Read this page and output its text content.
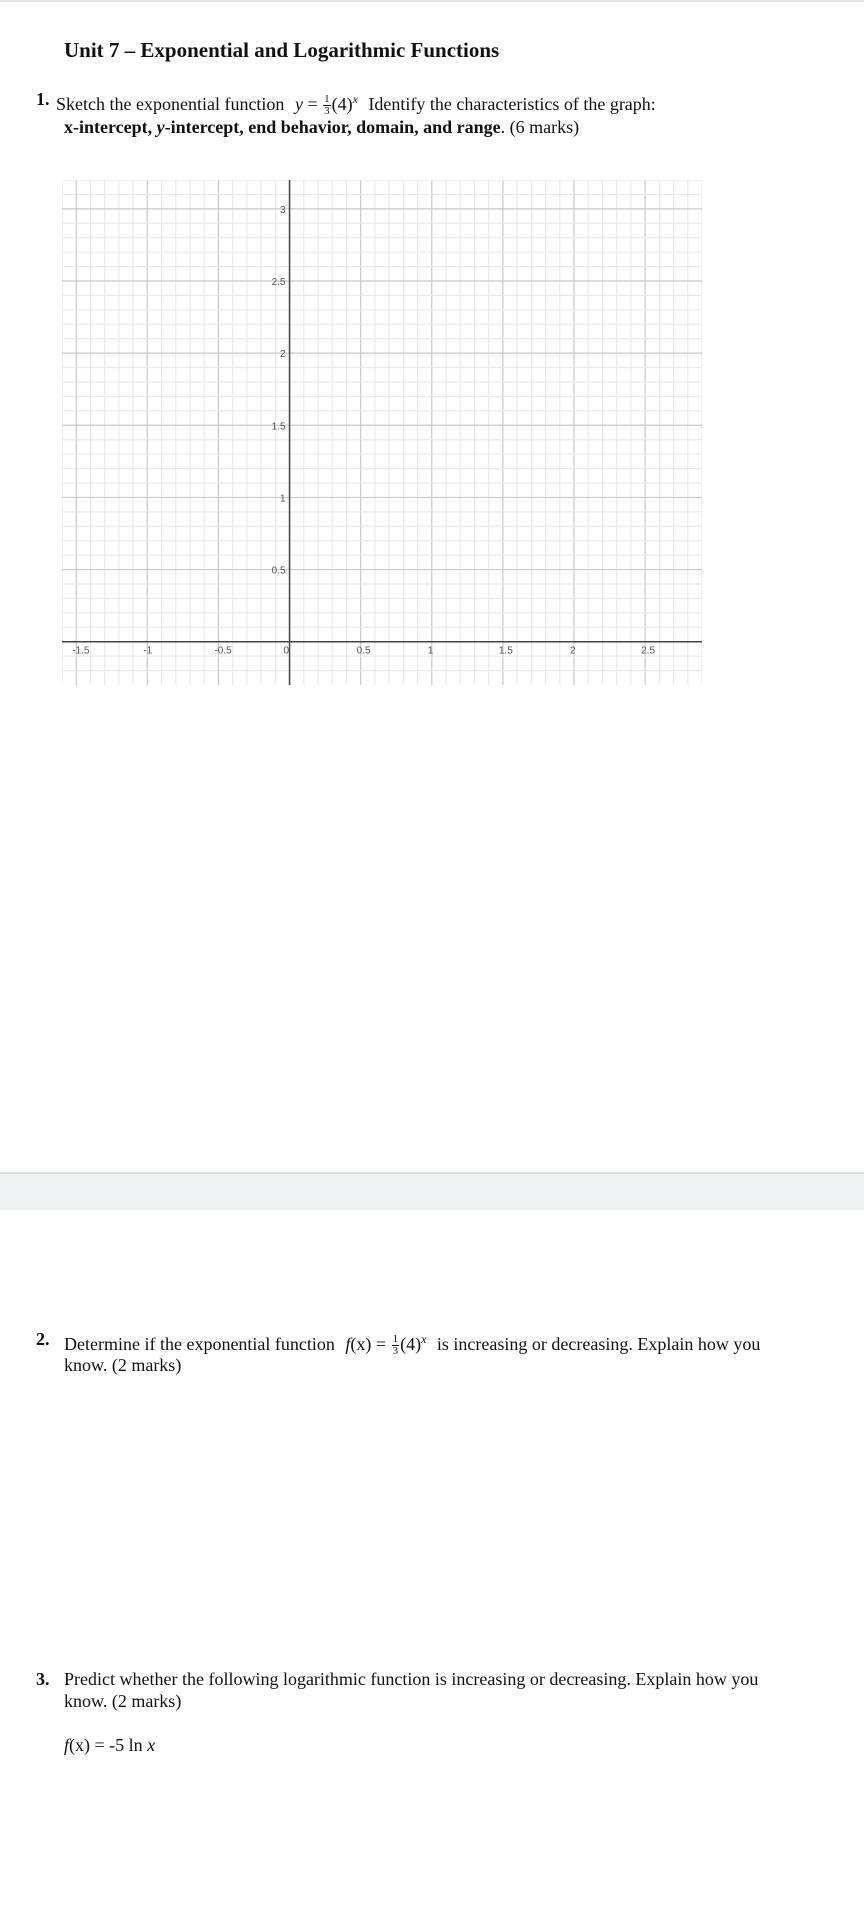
Unit 7 – Exponential and Logarithmic Functions
1. Sketch the exponential function $y = \frac{1}{3} (4)^x$ Identify the characteristics of the graph:
x-intercept, y-intercept, end behavior, domain, and range. (6 marks)
-1.5	-1	-0.5	0	0.5	1	1.5	2	2.5
0.5
1
1.5
2
2.5
3
2. Determine if the exponential function $f(x) = \frac{1}{3} (4)^x$ is increasing or decreasing. Explain how you
know. (2 marks)
3. Predict whether the following logarithmic function is increasing or decreasing. Explain how you
know. (2 marks)
f(x) = -5 ln x
